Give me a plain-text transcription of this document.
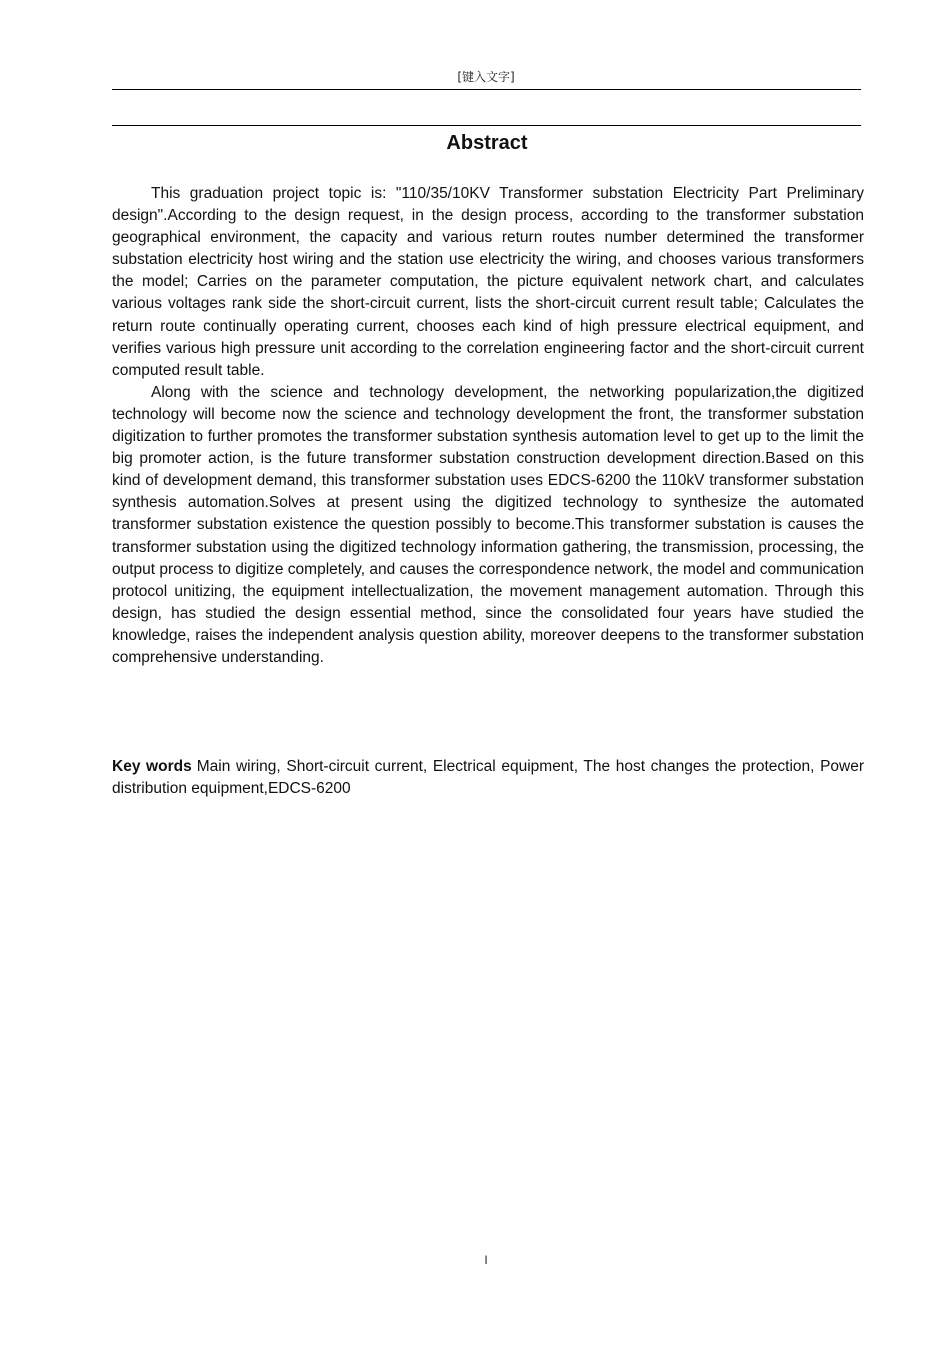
[键入文字]
Abstract

This graduation project topic is: "110/35/10KV Transformer substation Electricity Part Preliminary design".According to the design request, in the design process, according to the transformer substation geographical environment, the capacity and various return routes number determined the transformer substation electricity host wiring and the station use electricity the wiring, and chooses various transformers the model; Carries on the parameter computation, the picture equivalent network chart, and calculates various voltages rank side the short-circuit current, lists the short-circuit current result table; Calculates the return route continually operating current, chooses each kind of high pressure electrical equipment, and verifies various high pressure unit according to the correlation engineering factor and the short-circuit current computed result table.

Along with the science and technology development, the networking popularization,the digitized technology will become now the science and technology development the front, the transformer substation digitization to further promotes the transformer substation synthesis automation level to get up to the limit the big promoter action, is the future transformer substation construction development direction.Based on this kind of development demand, this transformer substation uses EDCS-6200 the 110kV transformer substation synthesis automation.Solves at present using the digitized technology to synthesize the automated transformer substation existence the question possibly to become.This transformer substation is causes the transformer substation using the digitized technology information gathering, the transmission, processing, the output process to digitize completely, and causes the correspondence network, the model and communication protocol unitizing, the equipment intellectualization, the movement management automation. Through this design, has studied the design essential method, since the consolidated four years have studied the knowledge, raises the independent analysis question ability, moreover deepens to the transformer substation comprehensive understanding.

Key words Main wiring, Short-circuit current, Electrical equipment, The host changes the protection, Power distribution equipment,EDCS-6200
I
